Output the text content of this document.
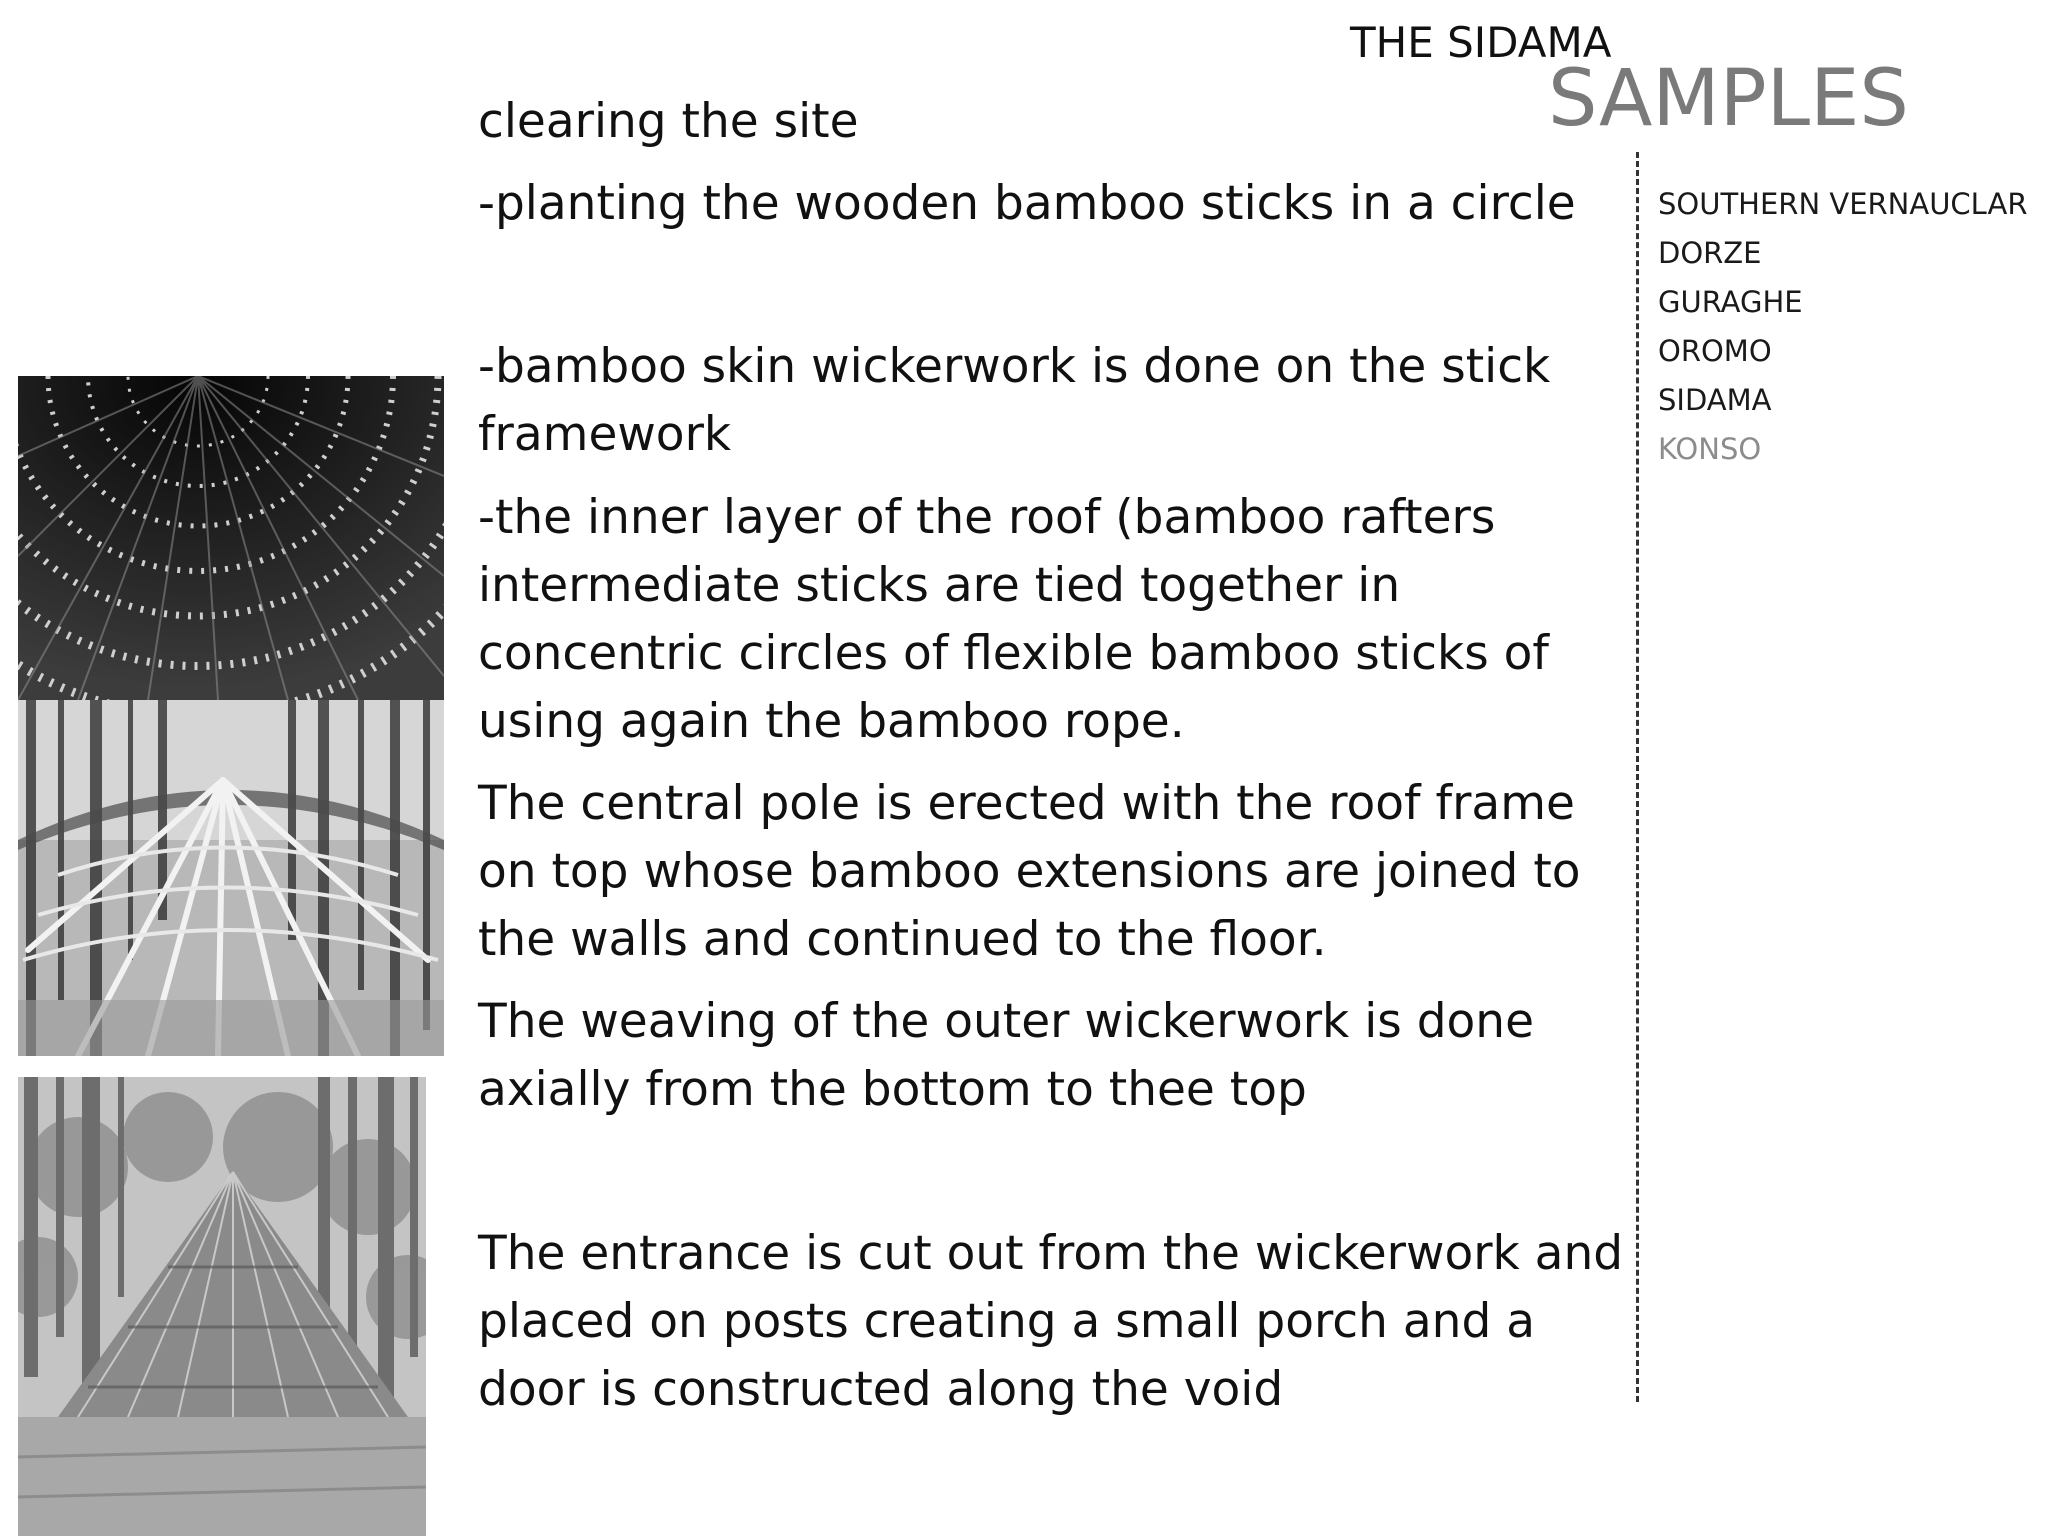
THE SIDAMA
SAMPLES
SOUTHERN VERNAUCLAR
DORZE
GURAGHE
OROMO
SIDAMA
KONSO
clearing the site
-planting the wooden bamboo sticks in a circle
-bamboo skin wickerwork is done on the stick
framework
-the inner layer of the roof (bamboo rafters
intermediate sticks are tied together in
concentric circles of flexible bamboo sticks of
using again the bamboo rope.
The central pole is erected with the roof frame
on top whose bamboo extensions are joined to
the walls and continued to the floor.
The weaving of the outer wickerwork is done
axially from the bottom to thee top
The entrance is cut out from the wickerwork and
placed on posts creating a small porch and a
door is constructed along the void
